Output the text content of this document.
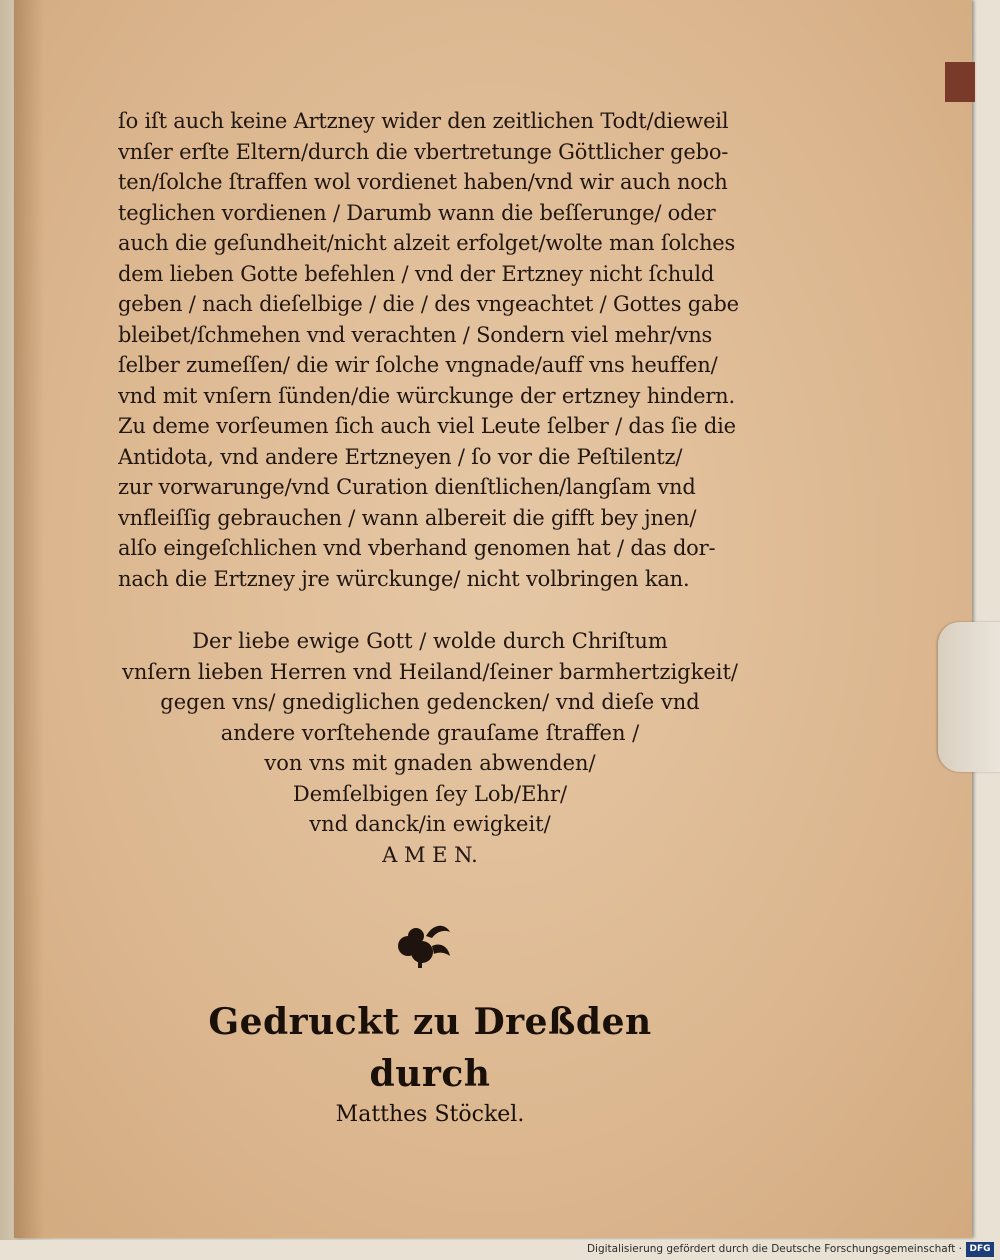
ſo iſt auch keine Artzney wider den zeitlichen Todt/dieweil
vnſer erſte Eltern/durch die vbertretunge Göttlicher gebo-
ten/ſolche ſtraffen wol vordienet haben/vnd wir auch noch
teglichen vordienen / Darumb wann die beſſerunge/ oder
auch die geſundheit/nicht alzeit erfolget/wolte man ſolches
dem lieben Gotte befehlen / vnd der Ertzney nicht ſchuld
geben / nach dieſelbige / die / des vngeachtet / Gottes gabe
bleibet/ſchmehen vnd verachten / Sondern viel mehr/vns
ſelber zumeſſen/ die wir ſolche vngnade/auff vns heuffen/
vnd mit vnſern ſünden/die würckunge der ertzney hindern.
Zu deme vorſeumen ſich auch viel Leute ſelber / das ſie die
Antidota, vnd andere Ertzneyen / ſo vor die Peſtilentz/
zur vorwarunge/vnd Curation dienſtlichen/langſam vnd
vnfleiſſig gebrauchen / wann albereit die gifft bey jnen/
alſo eingeſchlichen vnd vberhand genomen hat / das dor-
nach die Ertzney jre würckunge/ nicht volbringen kan.
Der liebe ewige Gott / wolde durch Chriſtum
vnſern lieben Herren vnd Heiland/ſeiner barmhertzigkeit/
gegen vns/ gnediglichen gedencken/ vnd dieſe vnd
andere vorſtehende grauſame ſtraffen /
von vns mit gnaden abwenden/
Demſelbigen ſey Lob/Ehr/
vnd danck/in ewigkeit/
A M E N.
Gedruckt zu Dreßden durch
Matthes Stöckel.
Digitalisierung gefördert durch die Deutsche Forschungsgemeinschaft · DFG
